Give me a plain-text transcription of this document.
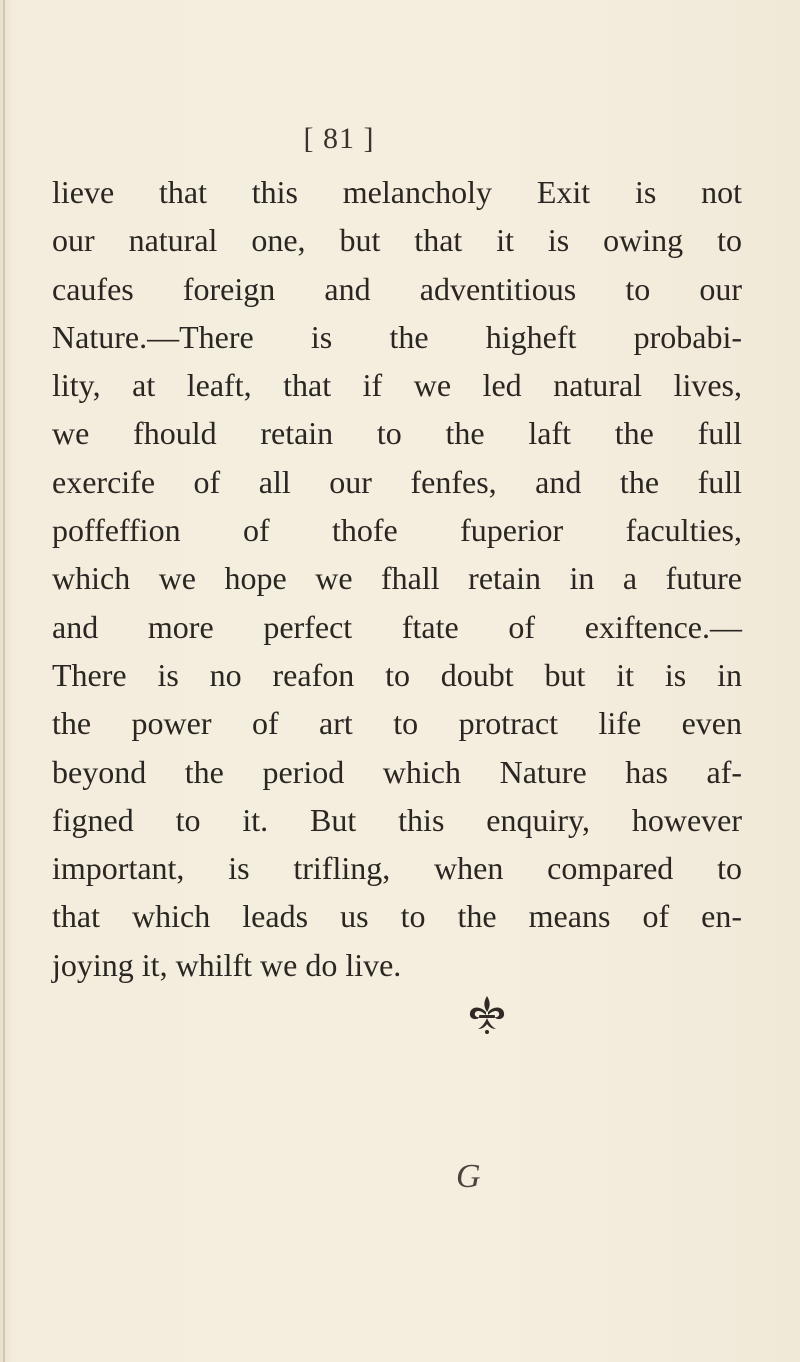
[ 81 ]
lieve that this melancholy Exit is not
our natural one, but that it is owing to
caufes foreign and adventitious to our
Nature.—There is the higheft probabi-
lity, at leaft, that if we led natural lives,
we fhould retain to the laft the full
exercife of all our fenfes, and the full
poffeffion of thofe fuperior faculties,
which we hope we fhall retain in a future
and more perfect ftate of exiftence.—
There is no reafon to doubt but it is in
the power of art to protract life even
beyond the period which Nature has af-
figned to it. But this enquiry, however
important, is trifling, when compared to
that which leads us to the means of en-
joying it, whilft we do live.
G
